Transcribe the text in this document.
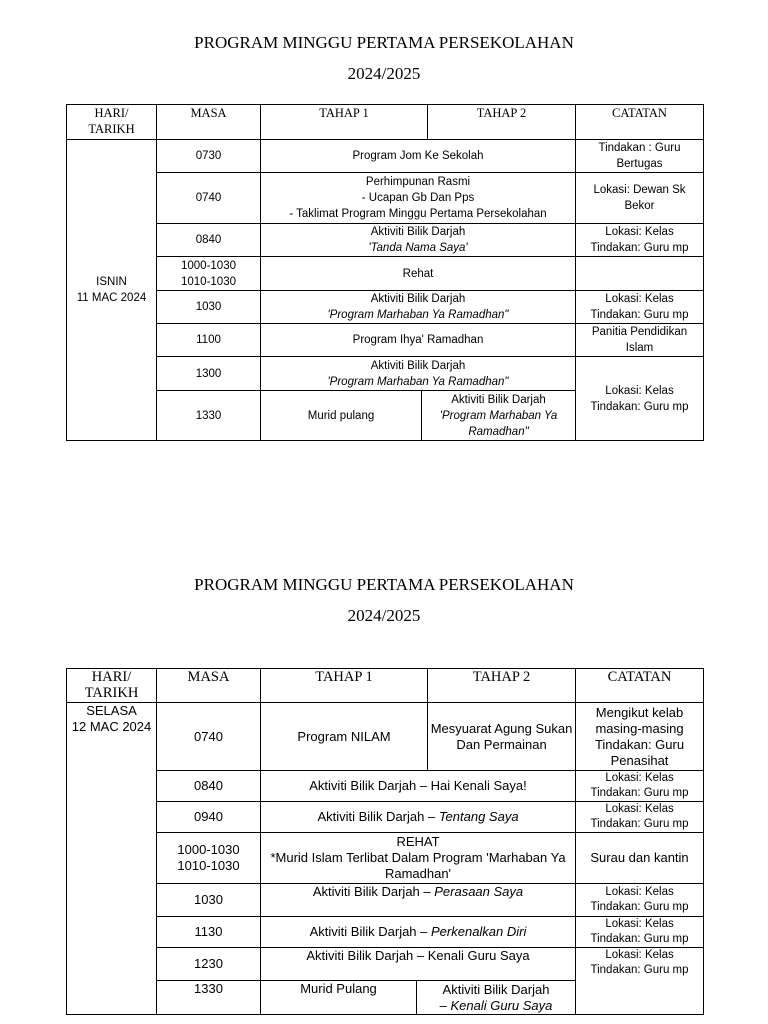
PROGRAM MINGGU PERTAMA PERSEKOLAHAN
2024/2025
HARI/
TARIKH	MASA	TAHAP 1		TAHAP 2	CATATAN

ISNIN
11 MAC 2024	0730	Program Jom Ke Sekolah			Tindakan : Guru
Bertugas

	0740	Perhimpunan Rasmi
- Ucapan Gb Dan Pps
- Taklimat Program Minggu Pertama Persekolahan			Lokasi: Dewan Sk Bekor
	0840	Aktiviti Bilik Darjah
'Tanda Nama Saya'			Lokasi: Kelas
Tindakan: Guru mp

	1000-1030
1010-1030	Rehat			
	1030	Aktiviti Bilik Darjah
'Program Marhaban Ya Ramadhan"			Lokasi: Kelas
Tindakan: Guru mp

	1100	Program Ihya' Ramadhan			Panitia Pendidikan Islam
	1300	Aktiviti Bilik Darjah
'Program Marhaban Ya Ramadhan"			Lokasi: Kelas
Tindakan: Guru mp

	1330	Murid pulang	Aktiviti Bilik Darjah
'Program Marhaban Ya
Ramadhan"		
PROGRAM MINGGU PERTAMA PERSEKOLAHAN
2024/2025
HARI/
TARIKH	MASA	TAHAP 1		TAHAP 2	CATATAN

SELASA
12 MAC 2024	0740	Program NILAM		Mesyuarat Agung Sukan
Dan Permainan	Mengikut kelab
masing-masing
Tindakan: Guru
Penasihat

	0840	Aktiviti Bilik Darjah – Hai Kenali Saya!			Lokasi: Kelas
Tindakan: Guru mp

	0940	Aktiviti Bilik Darjah – Tentang Saya			Lokasi: Kelas
Tindakan: Guru mp

	1000-1030
1010-1030	REHAT
*Murid Islam Terlibat Dalam Program 'Marhaban Ya
Ramadhan'			Surau dan kantin
	1030	Aktiviti Bilik Darjah – Perasaan Saya			Lokasi: Kelas
Tindakan: Guru mp

	1130	Aktiviti Bilik Darjah – Perkenalkan Diri			Lokasi: Kelas
Tindakan: Guru mp

	1230	Aktiviti Bilik Darjah – Kenali Guru Saya			Lokasi: Kelas
Tindakan: Guru mp

	1330	Murid Pulang	Aktiviti Bilik Darjah
– Kenali Guru Saya		
